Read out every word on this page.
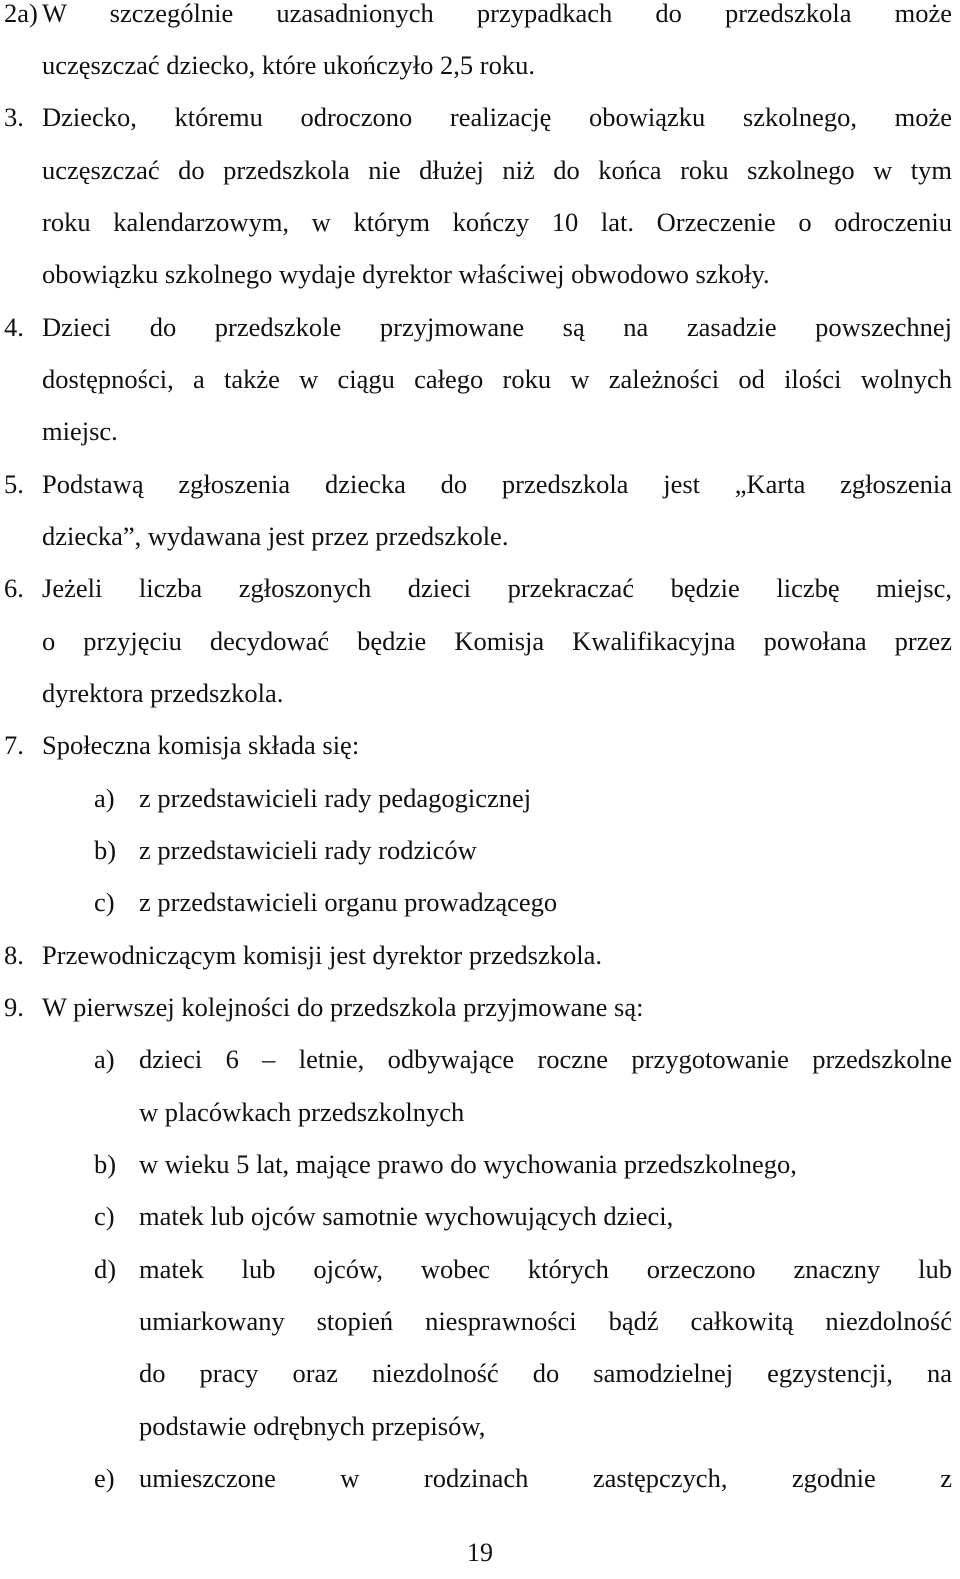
2a) W szczególnie uzasadnionych przypadkach do przedszkola może
uczęszczać dziecko, które ukończyło 2,5 roku.
3. Dziecko, któremu odroczono realizację obowiązku szkolnego, może
uczęszczać do przedszkola nie dłużej niż do końca roku szkolnego w tym
roku kalendarzowym, w którym kończy 10 lat. Orzeczenie o odroczeniu
obowiązku szkolnego wydaje dyrektor właściwej obwodowo szkoły.
4. Dzieci do przedszkole przyjmowane są na zasadzie powszechnej
dostępności, a także w ciągu całego roku w zależności od ilości wolnych
miejsc.
5. Podstawą zgłoszenia dziecka do przedszkola jest „Karta zgłoszenia
dziecka”, wydawana jest przez przedszkole.
6. Jeżeli liczba zgłoszonych dzieci przekraczać będzie liczbę miejsc,
o przyjęciu decydować będzie Komisja Kwalifikacyjna powołana przez
dyrektora przedszkola.
7. Społeczna komisja składa się:
a) z przedstawicieli rady pedagogicznej
b) z przedstawicieli rady rodziców
c) z przedstawicieli organu prowadzącego
8. Przewodniczącym komisji jest dyrektor przedszkola.
9. W pierwszej kolejności do przedszkola przyjmowane są:
a) dzieci 6 – letnie, odbywające roczne przygotowanie przedszkolne
w placówkach przedszkolnych
b) w wieku 5 lat, mające prawo do wychowania przedszkolnego,
c) matek lub ojców samotnie wychowujących dzieci,
d) matek lub ojców, wobec których orzeczono znaczny lub
umiarkowany stopień niesprawności bądź całkowitą niezdolność
do pracy oraz niezdolność do samodzielnej egzystencji, na
podstawie odrębnych przepisów,
e) umieszczone w rodzinach zastępczych, zgodnie z
19
